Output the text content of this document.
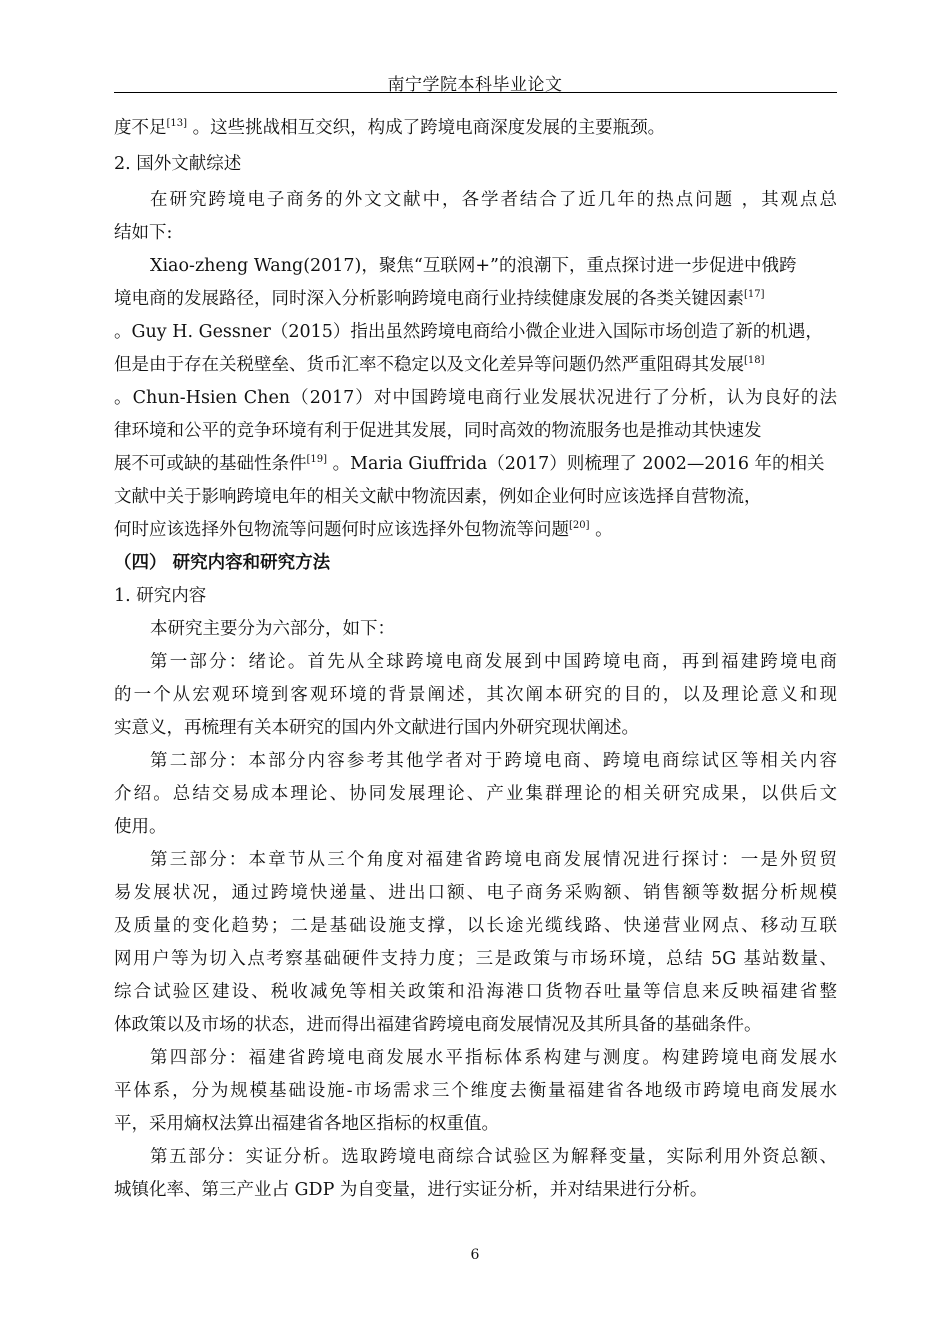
南宁学院本科毕业论文
度不足[13] 。这些挑战相互交织，构成了跨境电商深度发展的主要瓶颈。
2. 国外文献综述
在研究跨境电子商务的外文文献中，各学者结合了近几年的热点问题 ，其观点总
结如下:
Xiao-zheng Wang(2017)，聚焦“互联网+”的浪潮下，重点探讨进一步促进中俄跨
境电商的发展路径，同时深入分析影响跨境电商行业持续健康发展的各类关键因素[17]
。Guy H. Gessner（2015）指出虽然跨境电商给小微企业进入国际市场创造了新的机遇，
但是由于存在关税壁垒、货币汇率不稳定以及文化差异等问题仍然严重阻碍其发展[18]
。Chun-Hsien Chen（2017）对中国跨境电商行业发展状况进行了分析，认为良好的法
律环境和公平的竞争环境有利于促进其发展，同时高效的物流服务也是推动其快速发
展不可或缺的基础性条件[19] 。Maria Giuffrida（2017）则梳理了 2002—2016 年的相关
文献中关于影响跨境电年的相关文献中物流因素，例如企业何时应该选择自营物流，
何时应该选择外包物流等问题何时应该选择外包物流等问题[20] 。
（四） 研究内容和研究方法
1. 研究内容
本研究主要分为六部分，如下：
第一部分：绪论。首先从全球跨境电商发展到中国跨境电商，再到福建跨境电商
的一个从宏观环境到客观环境的背景阐述，其次阐本研究的目的，以及理论意义和现
实意义，再梳理有关本研究的国内外文献进行国内外研究现状阐述。
第二部分：本部分内容参考其他学者对于跨境电商、跨境电商综试区等相关内容
介绍。总结交易成本理论、协同发展理论、产业集群理论的相关研究成果，以供后文
使用。
第三部分：本章节从三个角度对福建省跨境电商发展情况进行探讨：一是外贸贸
易发展状况，通过跨境快递量、进出口额、电子商务采购额、销售额等数据分析规模
及质量的变化趋势；二是基础设施支撑，以长途光缆线路、快递营业网点、移动互联
网用户等为切入点考察基础硬件支持力度；三是政策与市场环境，总结 5G 基站数量、
综合试验区建设、税收减免等相关政策和沿海港口货物吞吐量等信息来反映福建省整
体政策以及市场的状态，进而得出福建省跨境电商发展情况及其所具备的基础条件。
第四部分：福建省跨境电商发展水平指标体系构建与测度。构建跨境电商发展水
平体系，分为规模基础设施-市场需求三个维度去衡量福建省各地级市跨境电商发展水
平，采用熵权法算出福建省各地区指标的权重值。
第五部分：实证分析。选取跨境电商综合试验区为解释变量，实际利用外资总额、
城镇化率、第三产业占 GDP 为自变量，进行实证分析，并对结果进行分析。
6
